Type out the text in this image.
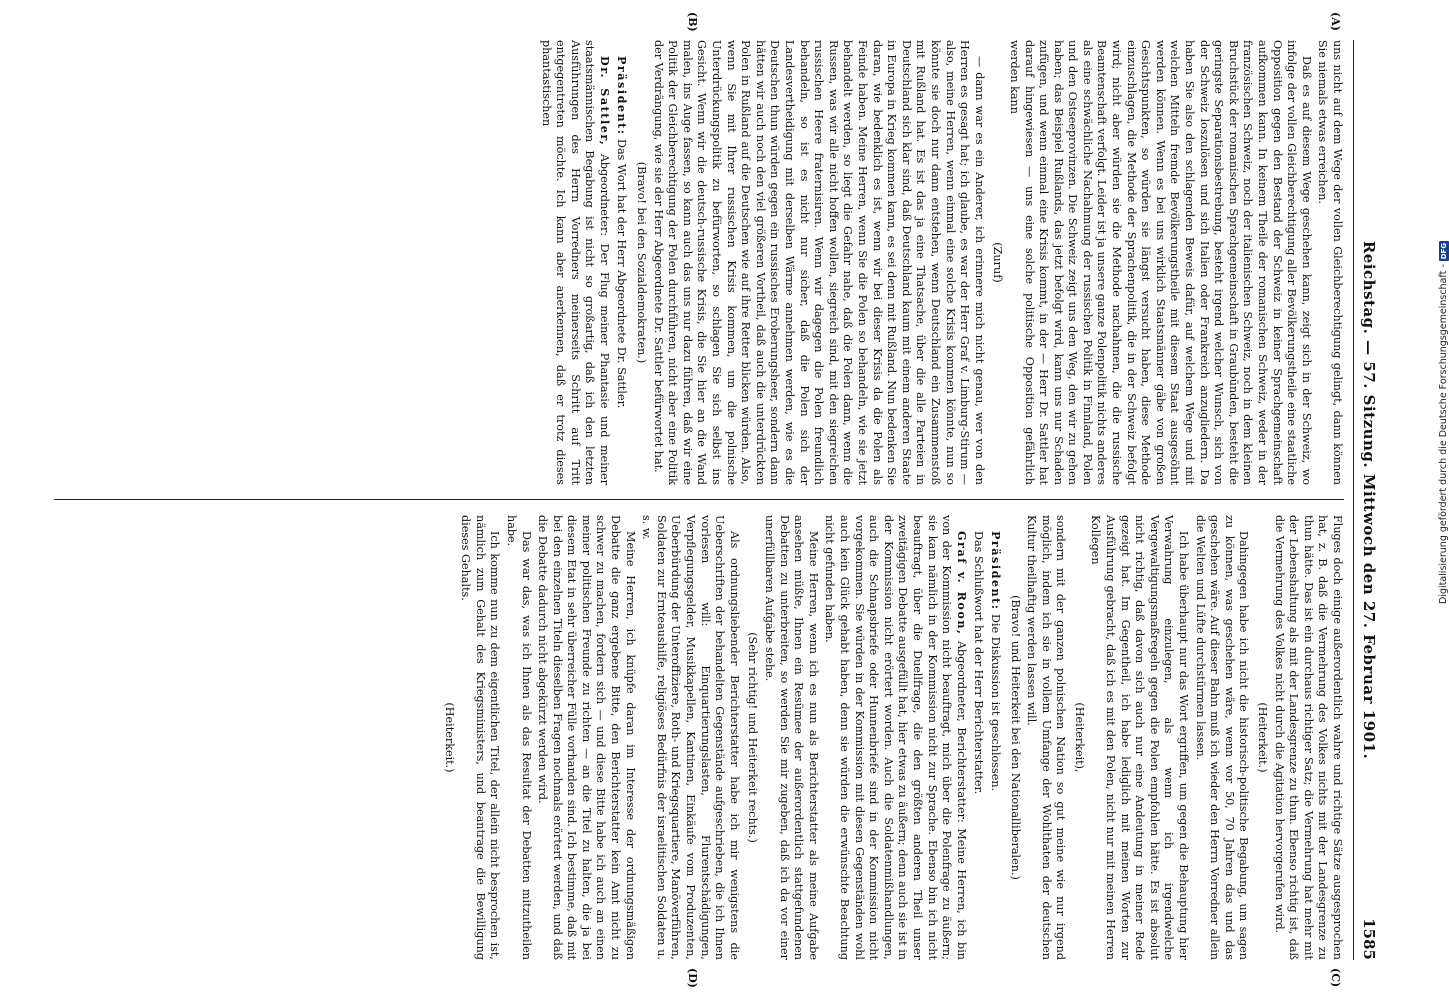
Reichstag. — 57. Sitzung. Mittwoch den 27. Februar 1901.
1585
(A)
(B)
(C)
(D)

uns nicht auf dem Wege der vollen Gleichberechtigung gelingt, dann können Sie niemals etwas erreichen.

Daß es auf diesem Wege geschehen kann, zeigt sich in der Schweiz, wo infolge der vollen Gleichberechtigung aller Bevölkerungstheile eine staatliche Opposition gegen den Bestand der Schweiz in keiner Sprachgemeinschaft aufkommen kann. In keinem Theile der romanischen Schweiz, weder in der französischen Schweiz, noch der italienischen Schweiz, noch in dem kleinen Bruchstück der romanischen Sprachgemeinschaft in Graubünden, besteht die geringste Separationsbestrebung, besteht irgend welcher Wunsch, sich von der Schweiz loszulösen und sich Italien oder Frankreich anzugliedern. Da haben Sie also den schlagenden Beweis dafür, auf welchem Wege und mit welchen Mitteln fremde Bevölkerungstheile mit diesem Staat ausgesöhnt werden können. Wenn es bei uns wirklich Staatsmänner gäbe von großen Gesichtspunkten, so würden sie längst versucht haben, diese Methode einzuschlagen, die Methode der Sprachenpolitik, die in der Schweiz befolgt wird; nicht aber würden sie die Methode nachahmen, die die russische Beamtenschaft verfolgt. Leider ist ja unsere ganze Polenpolitik nichts anderes als eine schwächliche Nachahmung der russischen Politik in Finnland, Polen und den Ostseeprovinzen. Die Schweiz zeigt uns den Weg, den wir zu gehen haben; das Beispiel Rußlands, das jetzt befolgt wird, kann uns nur Schaden zufügen, und wenn einmal eine Krisis kommt, in der — Herr Dr. Sattler hat darauf hingewiesen — uns eine solche politische Opposition gefährlich werden kann

(Zuruf)

— dann war es ein Anderer, ich erinnere mich nicht genau, wer von den Herren es gesagt hat; ich glaube, es war der Herr Graf v. Limburg-Stirum — also, meine Herren, wenn einmal eine solche Krisis kommen könnte, nun so könnte sie doch nur dann entstehen, wenn Deutschland ein Zusammenstoß mit Rußland hat. Es ist das ja eine Thatsache, über die alle Parteien in Deutschland sich klar sind, daß Deutschland kaum mit einem anderen Staate in Europa in Krieg kommen kann, es sei denn mit Rußland. Nun bedenken Sie daran, wie bedenklich es ist, wenn wir bei dieser Krisis da die Polen als Feinde haben. Meine Herren, wenn Sie die Polen so behandeln, wie sie jetzt behandelt werden, so liegt die Gefahr nahe, daß die Polen dann, wenn die Russen, was wir alle nicht hoffen wollen, siegreich sind, mit den siegreichen russischen Heere fraternisiren. Wenn wir dagegen die Polen freundlich behandeln, so ist es nicht nur sicher, daß die Polen sich der Landesvertheidigung mit derselben Wärme annehmen werden, wie es die Deutschen thun würden gegen ein russisches Eroberungsheer, sondern dann hätten wir auch noch den viel größeren Vortheil, daß auch die unterdrückten Polen in Rußland auf die Deutschen wie auf ihre Retter blicken würden. Also, wenn Sie mit Ihrer russischen Krisis kommen, um die polnische Unterdrückungspolitik zu befürworten, so schlagen Sie sich selbst ins Gesicht. Wenn wir die deutsch-russische Krisis, die Sie hier an die Wand malen, ins Auge fassen, so kann auch das uns nur dazu führen, daß wir eine Politik der Gleichberechtigung der Polen durchführen, nicht aber eine Politik der Verdrängung, wie sie der Herr Abgeordnete Dr. Sattler befürwortet hat.

(Bravo! bei den Sozialdemokraten.)

Präsident: Das Wort hat der Herr Abgeordnete Dr. Sattler.

Dr. Sattler, Abgeordneter: Der Flug meiner Phantasie und meiner staatsmännischen Begabung ist nicht so großartig, daß ich den letzten Ausführungen des Herrn Vorredners meinerseits Schritt auf Tritt entgegentreten möchte. Ich kann aber anerkennen, daß er trotz dieses phantastischen

Fluges doch einige außerordentlich wahre und richtige Sätze ausgesprochen hat, z. B. daß die Vermehrung des Volkes nichts mit der Landesgrenze zu thun hätte. Das ist ein durchaus richtiger Satz; die Vermehrung hat mehr mit der Lebenshaltung als mit der Landesgrenze zu thun. Ebenso richtig ist, daß die Vermehrung des Volkes nicht durch die Agitation hervorgerufen wird.

(Heiterkeit.)

Dahingegen habe ich nicht die historisch-politische Begabung, um sagen zu können, was geschehen wäre, wenn vor 50, 70 Jahren das und das geschehen wäre. Auf dieser Bahn muß ich wieder den Herrn Vorredner allein die Welten und Lüfte durchstürmen lassen.

Ich habe überhaupt nur das Wort ergriffen, um gegen die Behauptung hier Verwahrung einzulegen, als wenn ich irgendwelche Vergewaltigungsmaßregeln gegen die Polen empfohlen hätte. Es ist absolut nicht richtig, daß davon sich auch nur eine Andeutung in meiner Rede gezeigt hat. Im Gegentheil, ich habe lediglich mit meinen Worten zur Ausführung gebracht, daß ich es mit den Polen, nicht nur mit meinen Herren Kollegen

(Heiterkeit),

sondern mit der ganzen polnischen Nation so gut meine wie nur irgend möglich, indem ich sie in vollem Umfange der Wohlthaten der deutschen Kultur theilhaftig werden lassen will.

(Bravo! und Heiterkeit bei den Nationalliberalen.)

Präsident: Die Diskussion ist geschlossen.

Das Schlußwort hat der Herr Berichterstatter.

Graf v. Roon, Abgeordneter, Berichterstatter: Meine Herren, ich bin von der Kommission nicht beauftragt, mich über die Polenfrage zu äußern; sie kam nämlich in der Kommission nicht zur Sprache. Ebenso bin ich nicht beauftragt, über die Duellfrage, die den größten anderen Theil unser zweitägigen Debatte ausgefüllt hat, hier etwas zu äußern; denn auch sie ist in der Kommission nicht erörtert worden. Auch die Soldatenmißhandlungen, auch die Schnapsbriefe oder Hunnenbriefe sind in der Kommission nicht vorgekommen. Sie würden in der Kommission mit diesen Gegenständen wohl auch kein Glück gehabt haben, denn sie würden die erwünschte Beachtung nicht gefunden haben.

Meine Herren, wenn ich es nun als Berichterstatter als meine Aufgabe ansehen müßte, Ihnen ein Resümee der außerordentlich stattgefundenen Debatten zu unterbreiten, so werden Sie mir zugeben, daß ich da vor einer unerfüllbaren Aufgabe stehe.

(Sehr richtig! und Heiterkeit rechts.)

Als ordnungsliebender Berichterstatter habe ich mir wenigstens die Ueberschriften der behandelten Gegenstände aufgeschrieben, die ich Ihnen vorlesen will: Einquartierungslasten, Flurentschädigungen, Verpflegungsgelder, Musikkapellen, Kantinen, Einkäufe vom Produzenten, Ueberbürdung der Unteroffiziere, Roth- und Kriegsquartiere, Manöverführen, Soldaten zur Ernteaushilfe, religiöses Bedürfnis der israelitischen Soldaten u. s. w.

Meine Herren, ich knüpfe daran im Interesse der ordnungsmäßigen Debatte die ganz ergebene Bitte, den Berichterstatter kein Amt nicht zu schwer zu machen, fordern sich — und diese Bitte habe ich auch an einen meiner politischen Freunde zu richten — an die Titel zu halten, die ja bei diesem Etat in sehr überreicher Fülle vorhanden sind. Ich bestimme, daß mit bei den einzelnen Titeln dieselben Fragen nochmals erörtert werden, und daß die Debatte dadurch nicht abgekürzt werden wird.

Das war das, was ich Ihnen als das Resultat der Debatten mitzutheilen habe.

Ich komme nun zu dem eigentlichen Titel, der allein nicht besprochen ist, nämlich zum Gehalt des Kriegsministers, und beantrage die Bewilligung dieses Gehalts.

(Heiterkeit.)

Digitalisierung gefördert durch die Deutsche Forschungsgemeinschaft -
DFG
